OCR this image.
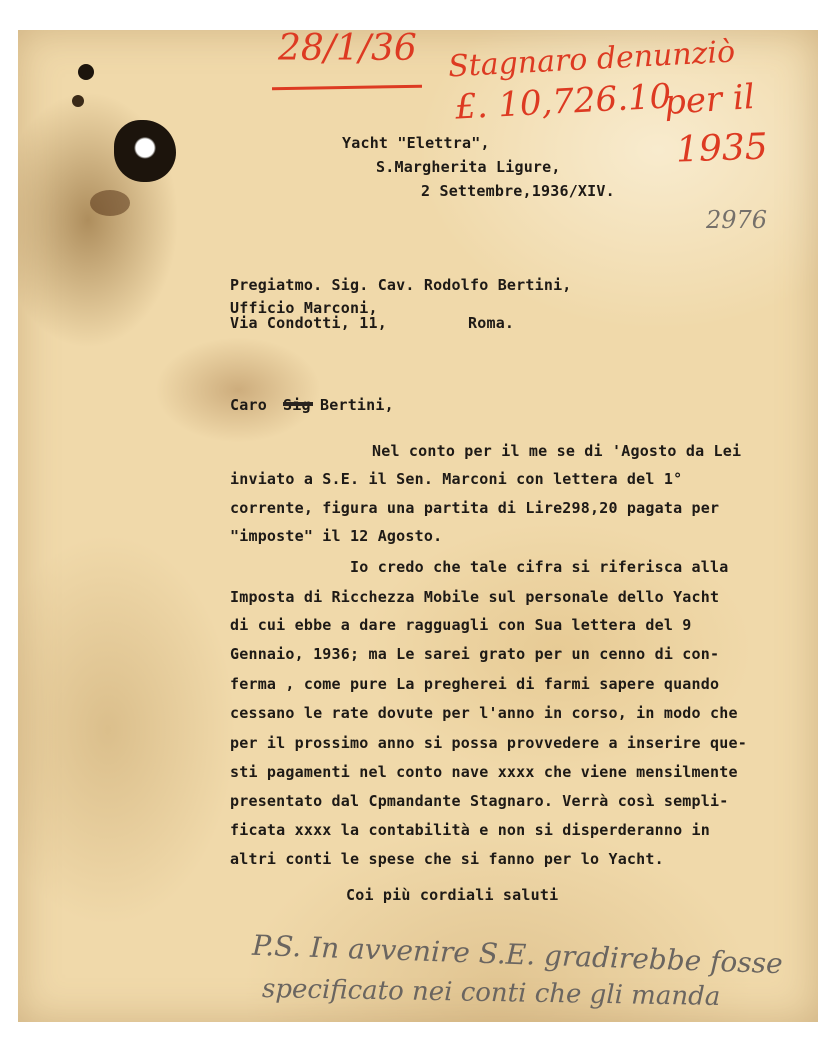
28/1/36 Stagnaro denunziò
£. 10,726.10
per il
1935
2976
Yacht "Elettra",
S.Margherita Ligure,
2 Settembre,1936/XIV.
Pregiatmo. Sig. Cav. Rodolfo Bertini,
Ufficio Marconi,
Via Condotti, 11,	Roma.
Caro	Bertini,
Nel conto per il me se di 'Agosto da Lei
inviato a S.E. il Sen. Marconi con lettera del 1°
corrente, figura una partita di Lire298,20 pagata per
"imposte" il 12 Agosto.
Io credo che tale cifra si riferisca alla
Imposta di Ricchezza Mobile sul personale dello Yacht
di cui ebbe a dare ragguagli con Sua lettera del 9
Gennaio, 1936; ma Le sarei grato per un cenno di con-
ferma , come pure La pregherei di farmi sapere quando
cessano le rate dovute per l'anno in corso, in modo che
per il prossimo anno si possa provvedere a inserire que-
sti pagamenti nel conto nave xxxx che viene mensilmente
presentato dal Cpmandante Stagnaro. Verrà così sempli-
ficata xxxx la contabilità e non si disperderanno in
altri conti le spese che si fanno per lo Yacht.
Coi più cordiali saluti
P.S. In avvenire S.E. gradirebbe fosse
specificato nei conti che gli manda
